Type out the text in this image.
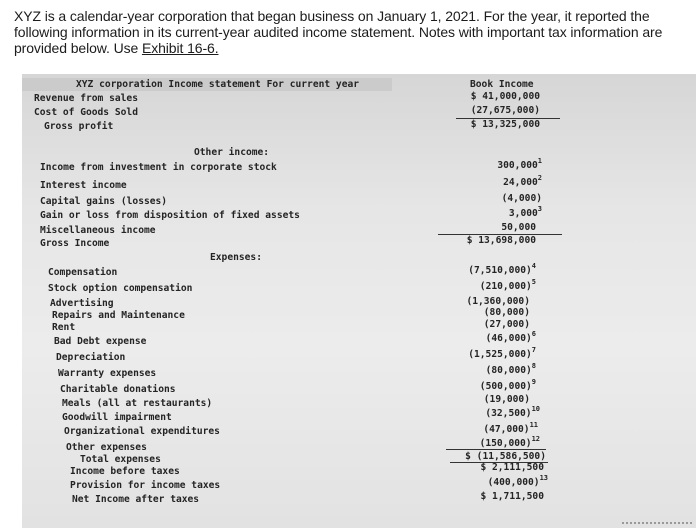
XYZ is a calendar-year corporation that began business on January 1, 2021. For the year, it reported the following information in its current-year audited income statement. Notes with important tax information are provided below. Use Exhibit 16-6.
XYZ corporation Income statement For current year	Book Income
Revenue from sales	$ 41,000,000
Cost of Goods Sold	(27,675,000)
Gross profit	$ 13,325,000
Other income:
Income from investment in corporate stock	300,000$^1$
Interest income	24,000$^2$
Capital gains (losses)	(4,000)
Gain or loss from disposition of fixed assets	3,000$^3$
Miscellaneous income	50,000
Gross Income	$ 13,698,000
Expenses:
Compensation	$(7,510,000)^4$
Stock option compensation	$(210,000)^5$
Advertising	(1,360,000)
Repairs and Maintenance	(80,000)
Rent	(27,000)
Bad Debt expense	$(46,000)^6$
Depreciation	$(1,525,000)^7$
Warranty expenses	$(80,000)^8$
Charitable donations	$(500,000)^9$
Meals (all at restaurants)	(19,000)
Goodwill impairment	$(32,500)^{10}$
Organizational expenditures	$(47,000)^{11}$
Other expenses	$(150,000)^{12}$
Total expenses	$ (11,586,500)
Income before taxes	$ 2,111,500
Provision for income taxes	$(400,000)^{13}$
Net Income after taxes	$ 1,711,500
